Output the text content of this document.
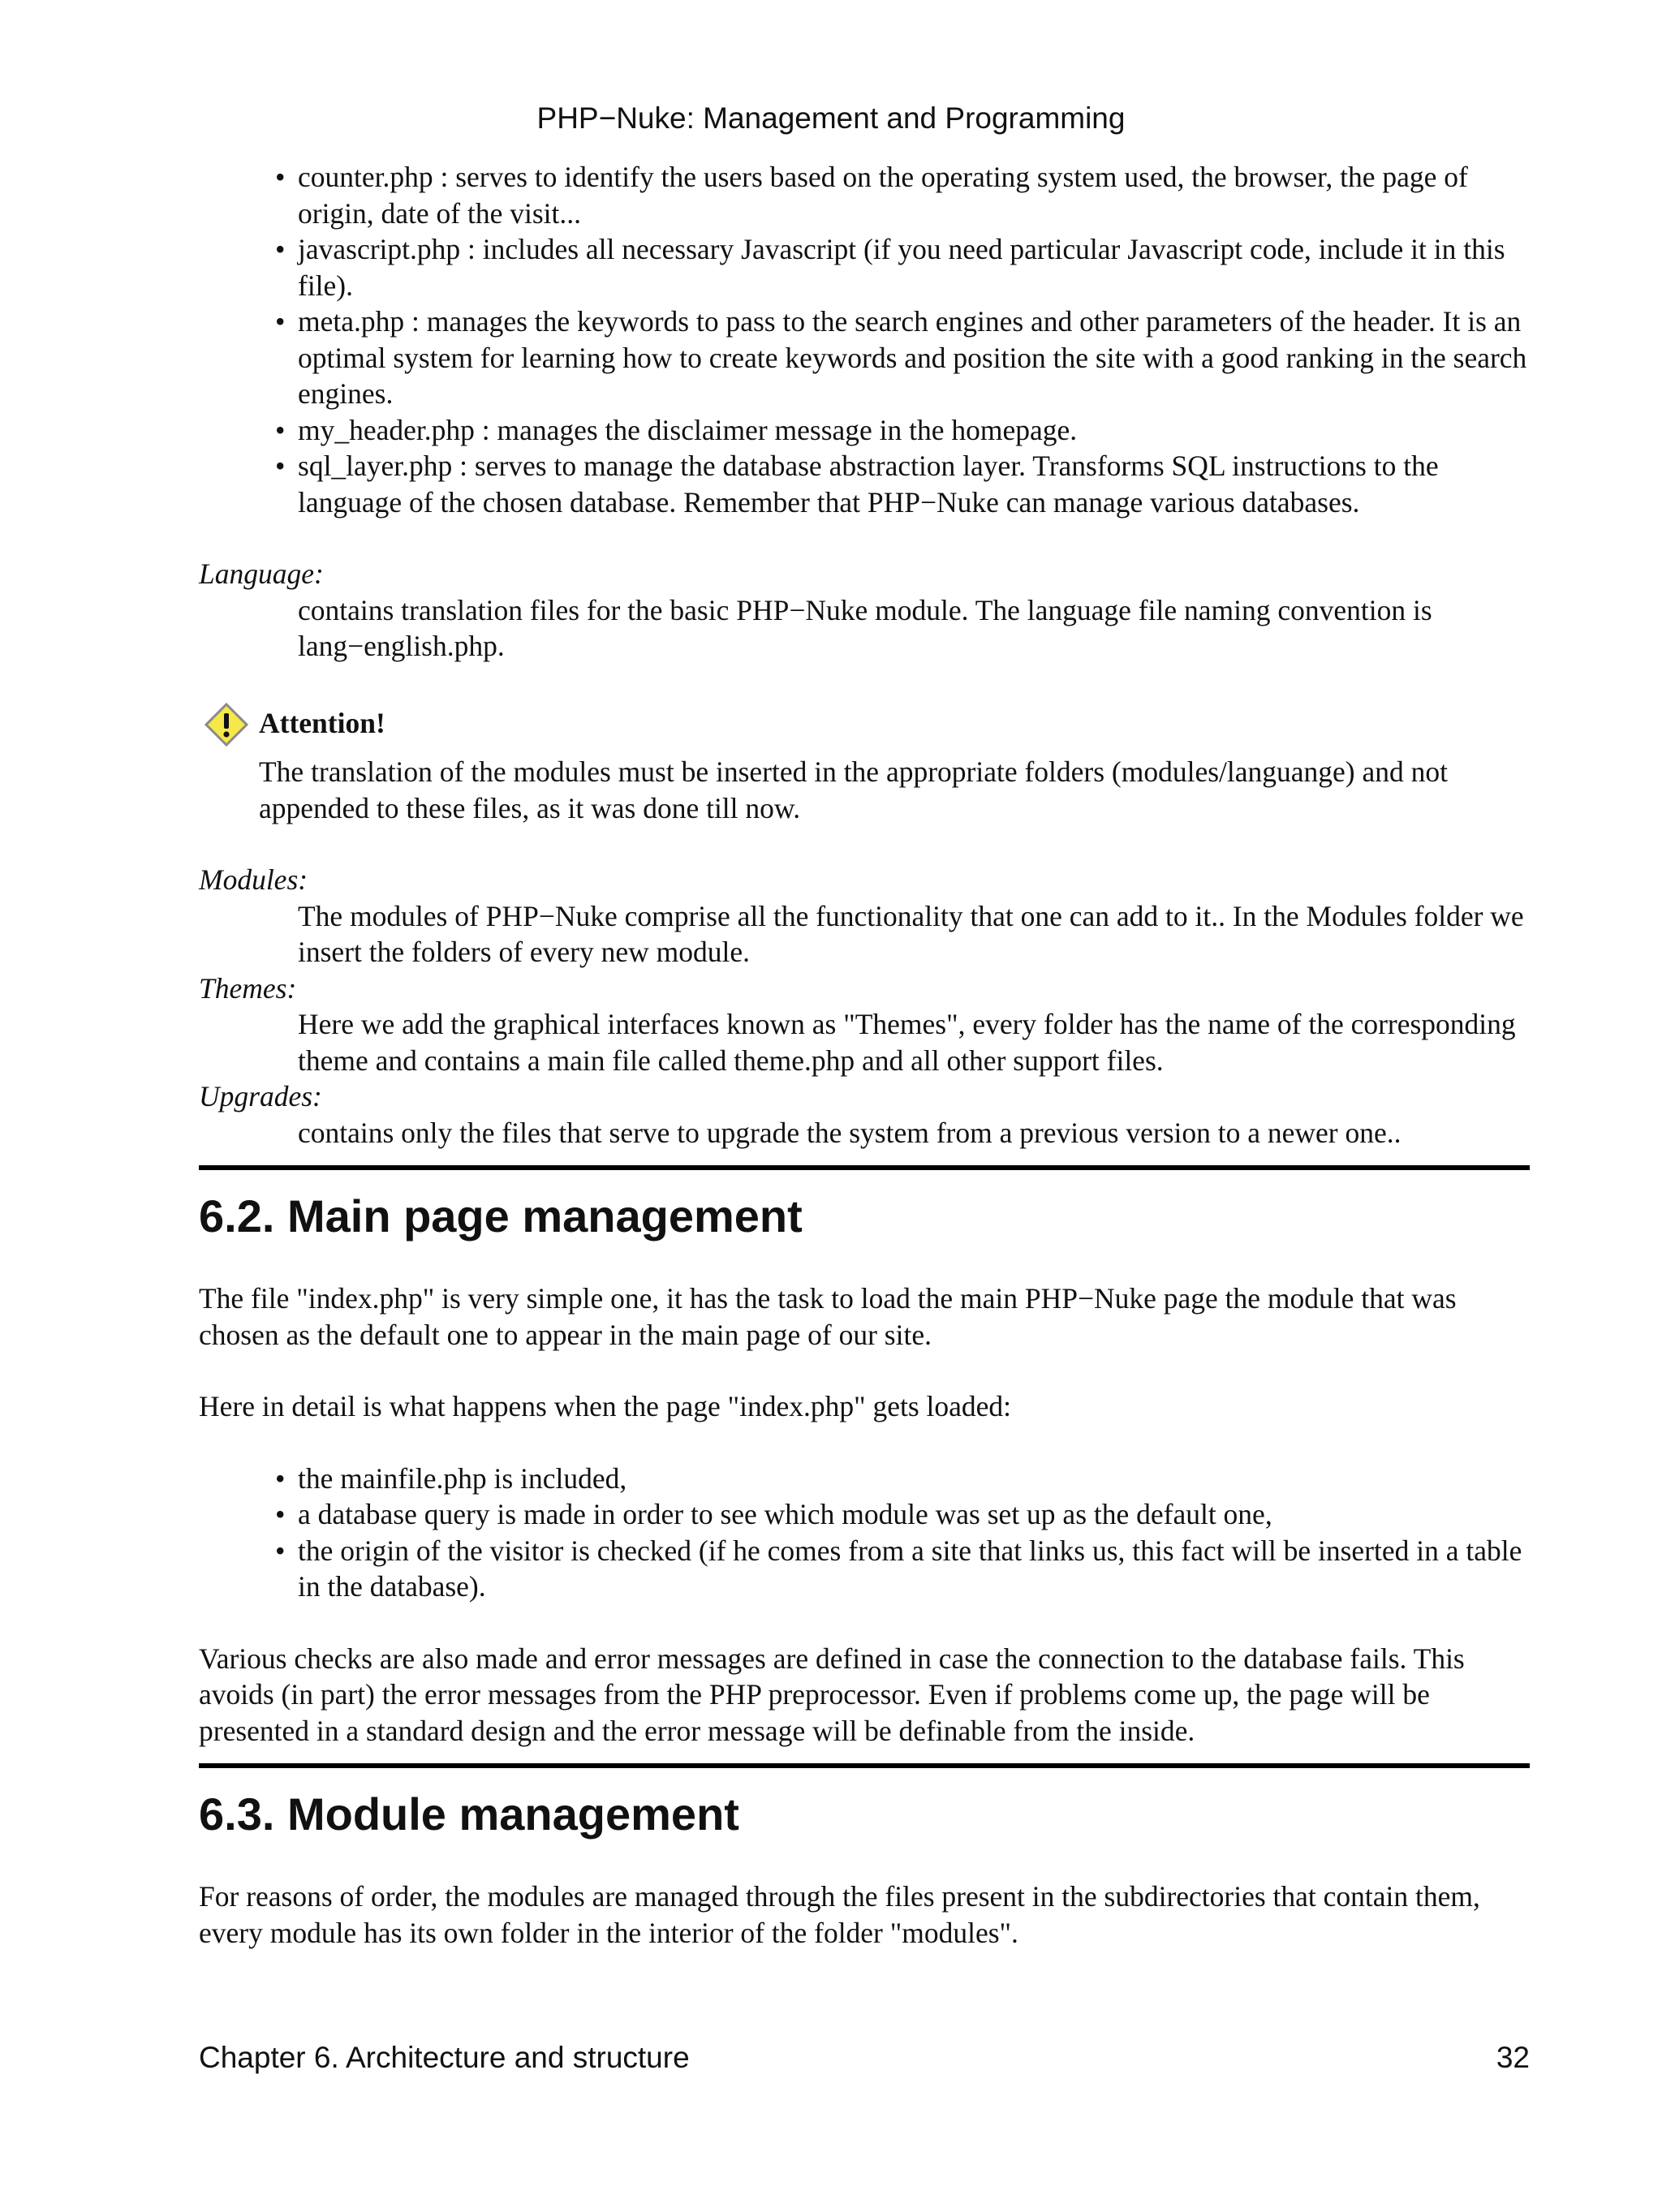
PHP−Nuke: Management and Programming
• counter.php : serves to identify the users based on the operating system used, the browser, the page of origin, date of the visit...
• javascript.php : includes all necessary Javascript (if you need particular Javascript code, include it in this file).
• meta.php : manages the keywords to pass to the search engines and other parameters of the header. It is an optimal system for learning how to create keywords and position the site with a good ranking in the search engines.
• my_header.php : manages the disclaimer message in the homepage.
• sql_layer.php : serves to manage the database abstraction layer. Transforms SQL instructions to the language of the chosen database. Remember that PHP−Nuke can manage various databases.

Language:

contains translation files for the basic PHP−Nuke module. The language file naming convention is lang−english.php.

Attention!

The translation of the modules must be inserted in the appropriate folders (modules/languange) and not appended to these files, as it was done till now.

Modules:

The modules of PHP−Nuke comprise all the functionality that one can add to it.. In the Modules folder we insert the folders of every new module.

Themes:

Here we add the graphical interfaces known as "Themes", every folder has the name of the corresponding theme and contains a main file called theme.php and all other support files.

Upgrades:

contains only the files that serve to upgrade the system from a previous version to a newer one..

6.2. Main page management

The file "index.php" is very simple one, it has the task to load the main PHP−Nuke page the module that was chosen as the default one to appear in the main page of our site.

Here in detail is what happens when the page "index.php" gets loaded:

• the mainfile.php is included,
• a database query is made in order to see which module was set up as the default one,
• the origin of the visitor is checked (if he comes from a site that links us, this fact will be inserted in a table in the database).

Various checks are also made and error messages are defined in case the connection to the database fails. This avoids (in part) the error messages from the PHP preprocessor. Even if problems come up, the page will be presented in a standard design and the error message will be definable from the inside.

6.3. Module management

For reasons of order, the modules are managed through the files present in the subdirectories that contain them, every module has its own folder in the interior of the folder "modules".

Chapter 6. Architecture and structure	32
